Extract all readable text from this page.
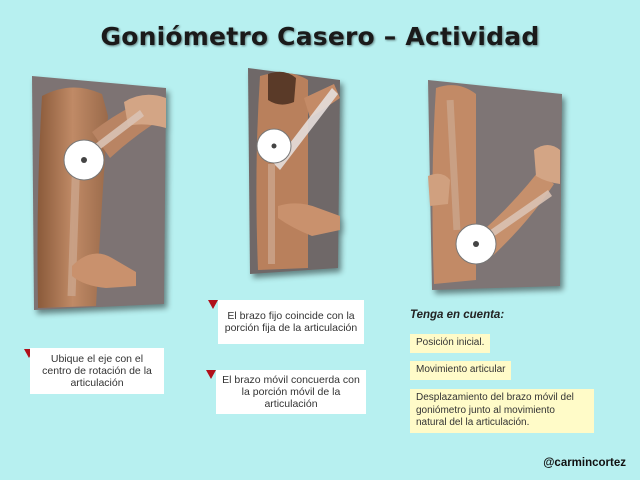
Goniómetro Casero – Actividad
Ubique el eje con el centro de rotación de la articulación
El brazo fijo coincide con la porción fija de la articulación
El brazo móvil concuerda con la porción móvil de la articulación
Tenga en cuenta:
Posición inicial.
Movimiento articular
Desplazamiento del brazo móvil del goniómetro junto al movimiento natural del la articulación.
@carmincortez
